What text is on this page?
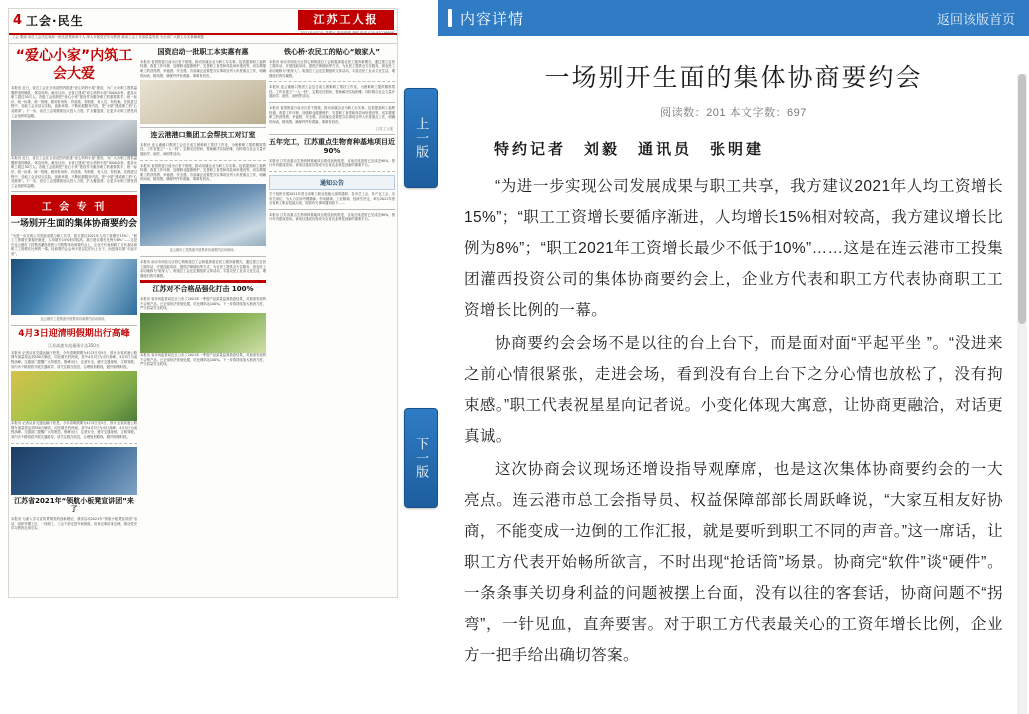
4 工会·民生	江苏工人报
2021年4月2日 星期五 责任编辑 李明 电话 025-83276688
工会 要闻 省总工会决定表彰一批先进集体和个人 深入开展党史学习教育 推动工会工作高质量发展 为全省广大职工办实事解难题
“爱心小家”内筑工会大爱

本报讯 近日，省总工会在全省范围内推进“爱心妈妈小屋”建设，为广大女职工提供温馨舒适的哺乳、休息场所。截至目前，全省已建成“爱心妈妈小屋”3000余家，惠及女职工超过30万人。各级工会组织把“爱心小家”建设作为服务职工的重要抓手，统一标识、统一标准、统一管理，做到有场所、有设施、有制度、有人员、有档案。在推进过程中，各地工会还结合实际，创新举措，不断拓展服务内容，把“小屋”建成职工的“心灵港湾”。下一步，省总工会将继续加大投入力度，扩大覆盖面，让更多女职工感受到工会组织的温暖。

本报讯 近日，省总工会在全省范围内推进“爱心妈妈小屋”建设，为广大女职工提供温馨舒适的哺乳、休息场所。截至目前，全省已建成“爱心妈妈小屋”3000余家，惠及女职工超过30万人。各级工会组织把“爱心小家”建设作为服务职工的重要抓手，统一标识、统一标准、统一管理，做到有场所、有设施、有制度、有人员、有档案。在推进过程中，各地工会还结合实际，创新举措，不断拓展服务内容，把“小屋”建成职工的“心灵港湾”。下一步，省总工会将继续加大投入力度，扩大覆盖面，让更多女职工感受到工会组织的温暖。

工 会 专 刊
一场别开生面的集体协商要约会

“为进一步实现公司发展成果与职工共享，我方建议2021年人均工资增长15%”；“职工工资增长要循序渐进，人均增长15%相对较高，我方建议增长比例为8%”……这是在连云港市工投集团灌西投资公司的集体协商要约会上，企业方代表和职工方代表协商职工工资增长比例的一幕。协商要约会会场不是以往的台上台下，而是面对面“平起平坐”。

连云港市工投集团开展集体协商要约活动现场。
4月3日迎清明假期出行高峰
江苏高速车流量预计达350万

本报讯 记者从省交通运输厅获悉，今年清明假期为4月3日至5日，预计全省高速公路网车流量将达到350万辆次，同比增长约两成。其中4月3日为出行高峰，4月5日为返程高峰。交通部门提醒广大驾驶员，错峰出行，注意安全，遵守交通规则，文明驾驶。省内多个路段将开展交通疏导，请关注路况信息，合理规划路线，避开拥堵时段。

本报讯 记者从省交通运输厅获悉，今年清明假期为4月3日至5日，预计全省高速公路网车流量将达到350万辆次，同比增长约两成。其中4月3日为出行高峰，4月5日为返程高峰。交通部门提醒广大驾驶员，错峰出行，注意安全，遵守交通规则，文明驾驶。省内多个路段将开展交通疏导，请关注路况信息，合理规划路线，避开拥堵时段。

江苏省2021年“领航小板凳宣讲团”来了

本报讯 为深入学习宣传贯彻党的创新理论，我省启动2021年“领航小板凳宣讲团”活动，组织劳模工匠、一线职工、工会干部走进车间班组，用身边事讲身边理，推动党史学习教育走深走实。

国资启动一批职工本实惠有惠

本报讯 省国资委日前出台若干措施，推动省属企业为职工办实事。包括提高职工福利待遇、改善工作环境、加强职业健康保护、完善职工食堂和休息场所建设等，切实增强职工的获得感、幸福感、安全感。各省属企业要把办实事项目列入年度重点工作，明确时间表、路线图，确保件件有着落、事事有回音。

连云港港口集团工会帮扶工对订室

本报讯 连云港港口集团工会近日成立困难职工帮扶工作室，为困难职工提供精准帮扶。工作室建立“一人一档”，定期走访慰问，帮助解决实际困难，同时联合社会力量开展助学、助医、助困等活动。

本报讯 省国资委日前出台若干措施，推动省属企业为职工办实事。包括提高职工福利待遇、改善工作环境、加强职业健康保护、完善职工食堂和休息场所建设等，切实增强职工的获得感、幸福感、安全感。各省属企业要把办实事项目列入年度重点工作，明确时间表、路线图，确保件件有着落、事事有回音。

连云港市工投集团开展集体协商要约活动现场。

本报讯 南京市雨花台区铁心桥街道总工会积极探索农民工服务新模式，通过建立农民工服务站、开展技能培训、提供法律援助等方式，为农民工提供全方位服务，被农民工亲切地称为“娘家人”。街道总工会还定期组织文体活动，丰富农民工业余文化生活，增强他们的归属感。

江苏对不合格品强化打击 100%

本报讯 省市场监管局近日公布了2021年一季度产品质量监督抽查结果，对抽查发现的不合格产品，已全部依法依规处置，后处理率达100%。下一步将持续加大抽查力度，严守质量安全底线。

本报讯 省市场监管局近日公布了2021年一季度产品质量监督抽查结果，对抽查发现的不合格产品，已全部依法依规处置，后处理率达100%。下一步将持续加大抽查力度，严守质量安全底线。

铁心桥·农民工的贴心“娘家人”

本报讯 南京市雨花台区铁心桥街道总工会积极探索农民工服务新模式，通过建立农民工服务站、开展技能培训、提供法律援助等方式，为农民工提供全方位服务，被农民工亲切地称为“娘家人”。街道总工会还定期组织文体活动，丰富农民工业余文化生活，增强他们的归属感。

本报讯 连云港港口集团工会近日成立困难职工帮扶工作室，为困难职工提供精准帮扶。工作室建立“一人一档”，定期走访慰问，帮助解决实际困难，同时联合社会力量开展助学、助医、助困等活动。

本报讯 省国资委日前出台若干措施，推动省属企业为职工办实事。包括提高职工福利待遇、改善工作环境、加强职业健康保护、完善职工食堂和休息场所建设等，切实增强职工的获得感、幸福感、安全感。各省属企业要把办实事项目列入年度重点工作，明确时间表、路线图，确保件件有着落、事事有回音。

江苏工人报
五年完工，江苏重点生物育种基地项目近90%

本报讯 江苏省重点生物育种基地项目建设加快推进，目前总体进度已完成近90%，预计年内建成投用。该项目建成后将成为全省农业科技创新的重要平台。

通知公告

关于组织开展2021年度全省职工职业技能大赛的通知：各市总工会、各产业工会、各有关单位，为大力弘扬劳模精神、劳动精神、工匠精神，经研究决定，举办2021年度全省职工职业技能大赛，现将有关事项通知如下……

本报讯 江苏省重点生物育种基地项目建设加快推进，目前总体进度已完成近90%，预计年内建成投用。该项目建成后将成为全省农业科技创新的重要平台。

上一版
下一版
内容详情	返回该版首页
一场别开生面的集体协商要约会
阅读数：201 本文字数：697
特约记者　刘毅　通讯员　张明建
“为进一步实现公司发展成果与职工共享，我方建议2021年人均工资增长15%”；“职工工资增长要循序渐进，人均增长15%相对较高，我方建议增长比例为8%”；“职工2021年工资增长最少不低于10%”……这是在连云港市工投集团灌西投资公司的集体协商要约会上，企业方代表和职工方代表协商职工工资增长比例的一幕。
协商要约会会场不是以往的台上台下，而是面对面“平起平坐 ”。“没进来之前心情很紧张，走进会场，看到没有台上台下之分心情也放松了，没有拘束感。”职工代表祝星星向记者说。小变化体现大寓意，让协商更融洽，对话更真诚。
这次协商会议现场还增设指导观摩席，也是这次集体协商要约会的一大亮点。连云港市总工会指导员、权益保障部部长周跃峰说，“大家互相友好协商，不能变成一边倒的工作汇报，就是要听到职工不同的声音。”这一席话，让职工方代表开始畅所欲言，不时出现“抢话筒”场景。协商完“软件”谈“硬件”。一条条事关切身利益的问题被摆上台面，没有以往的客套话，协商问题不“拐弯”，一针见血，直奔要害。对于职工方代表最关心的工资年增长比例，企业方一把手给出确切答案。
